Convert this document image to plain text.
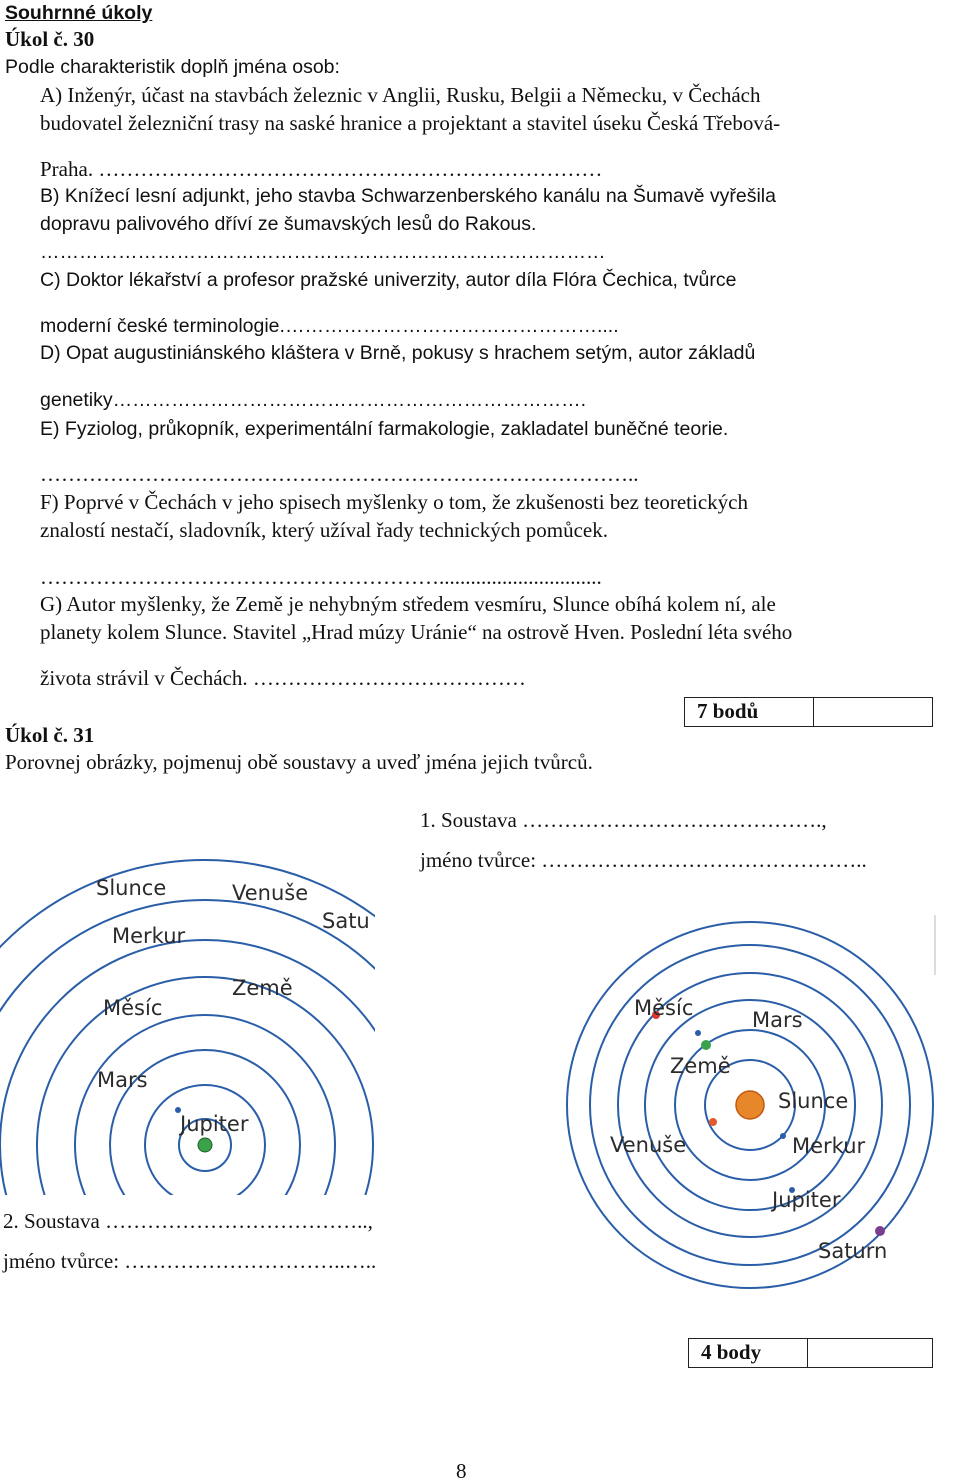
Souhrnné úkoly
Úkol č. 30
Podle charakteristik doplň jména osob:
A) Inženýr, účast na stavbách železnic v Anglii, Rusku, Belgii a Německu, v Čechách
budovatel železniční trasy na saské hranice a projektant a stavitel úseku Česká Třebová-
Praha. ………………………………………………………………
B) Knížecí lesní adjunkt, jeho stavba Schwarzenberského kanálu na Šumavě vyřešila
dopravu palivového dříví ze šumavských lesů do Rakous.
……………………………………………………………………………
C) Doktor lékařství a profesor pražské univerzity, autor díla Flóra Čechica, tvůrce
moderní české terminologie.…………………………………………....
D) Opat augustiniánského kláštera v Brně, pokusy s hrachem setým, autor základů
genetiky……………………………………………………………….
E) Fyziolog, průkopník, experimentální farmakologie, zakladatel buněčné teorie.
…………………………………………………………………………..
F) Poprvé v Čechách v jeho spisech myšlenky o tom, že zkušenosti bez teoretických
znalostí nestačí, sladovník, který užíval řady technických pomůcek.
…………………………………………………...............................
G) Autor myšlenky, že Země je nehybným středem vesmíru, Slunce obíhá kolem ní, ale
planety kolem Slunce. Stavitel „Hrad múzy Uránie“ na ostrově Hven. Poslední léta svého
života strávil v Čechách. …………………………………
7 bodů
Úkol č. 31
Porovnej obrázky, pojmenuj obě soustavy a uveď jména jejich tvůrců.
1. Soustava …………………………………….,
jméno tvůrce: ………………………………………..
Slunce	Venuše
Satu
Merkur
Země
Měsíc
Mars
Jupiter
Měsíc	Mars
Země
Slunce
Venuše	Merkur
Jupiter
Saturn
2. Soustava ………………………………..,
jméno tvůrce: …………………………..…..
4 body
8
